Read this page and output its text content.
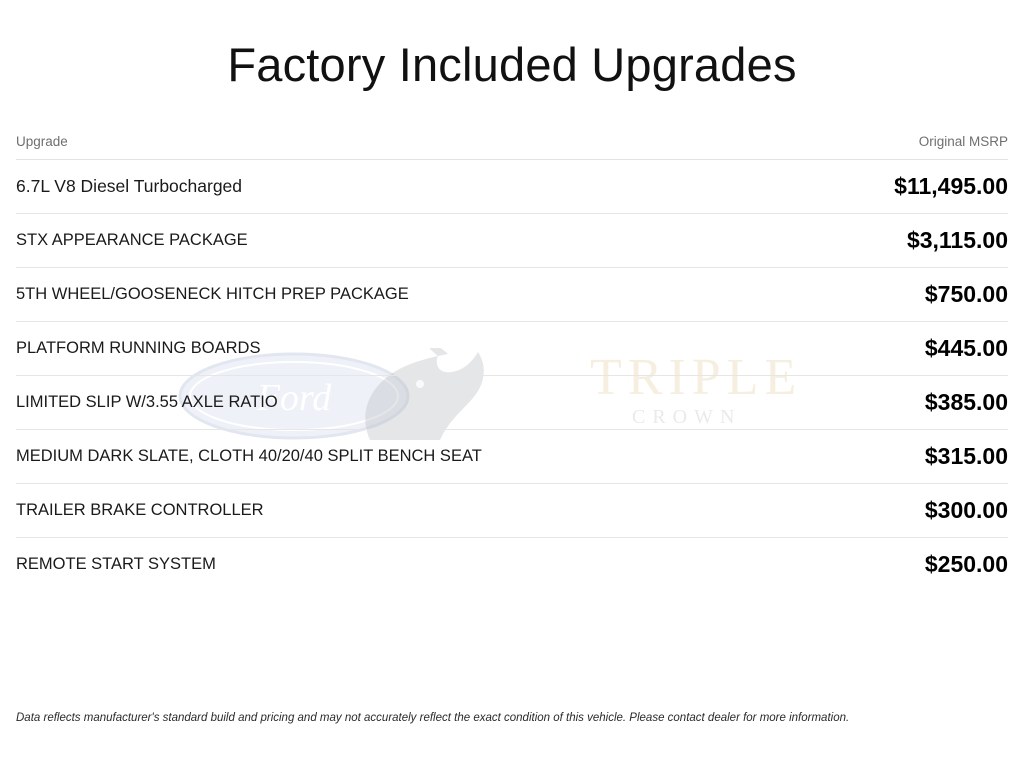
Ford	TRIPLE
CROWN
Factory Included Upgrades
Upgrade	Original MSRP
6.7L V8 Diesel Turbocharged	$11,495.00
STX APPEARANCE PACKAGE	$3,115.00
5TH WHEEL/GOOSENECK HITCH PREP PACKAGE	$750.00
PLATFORM RUNNING BOARDS	$445.00
LIMITED SLIP W/3.55 AXLE RATIO	$385.00
MEDIUM DARK SLATE, CLOTH 40/20/40 SPLIT BENCH SEAT	$315.00
TRAILER BRAKE CONTROLLER	$300.00
REMOTE START SYSTEM	$250.00
Data reflects manufacturer's standard build and pricing and may not accurately reflect the exact condition of this vehicle. Please contact dealer for more information.
